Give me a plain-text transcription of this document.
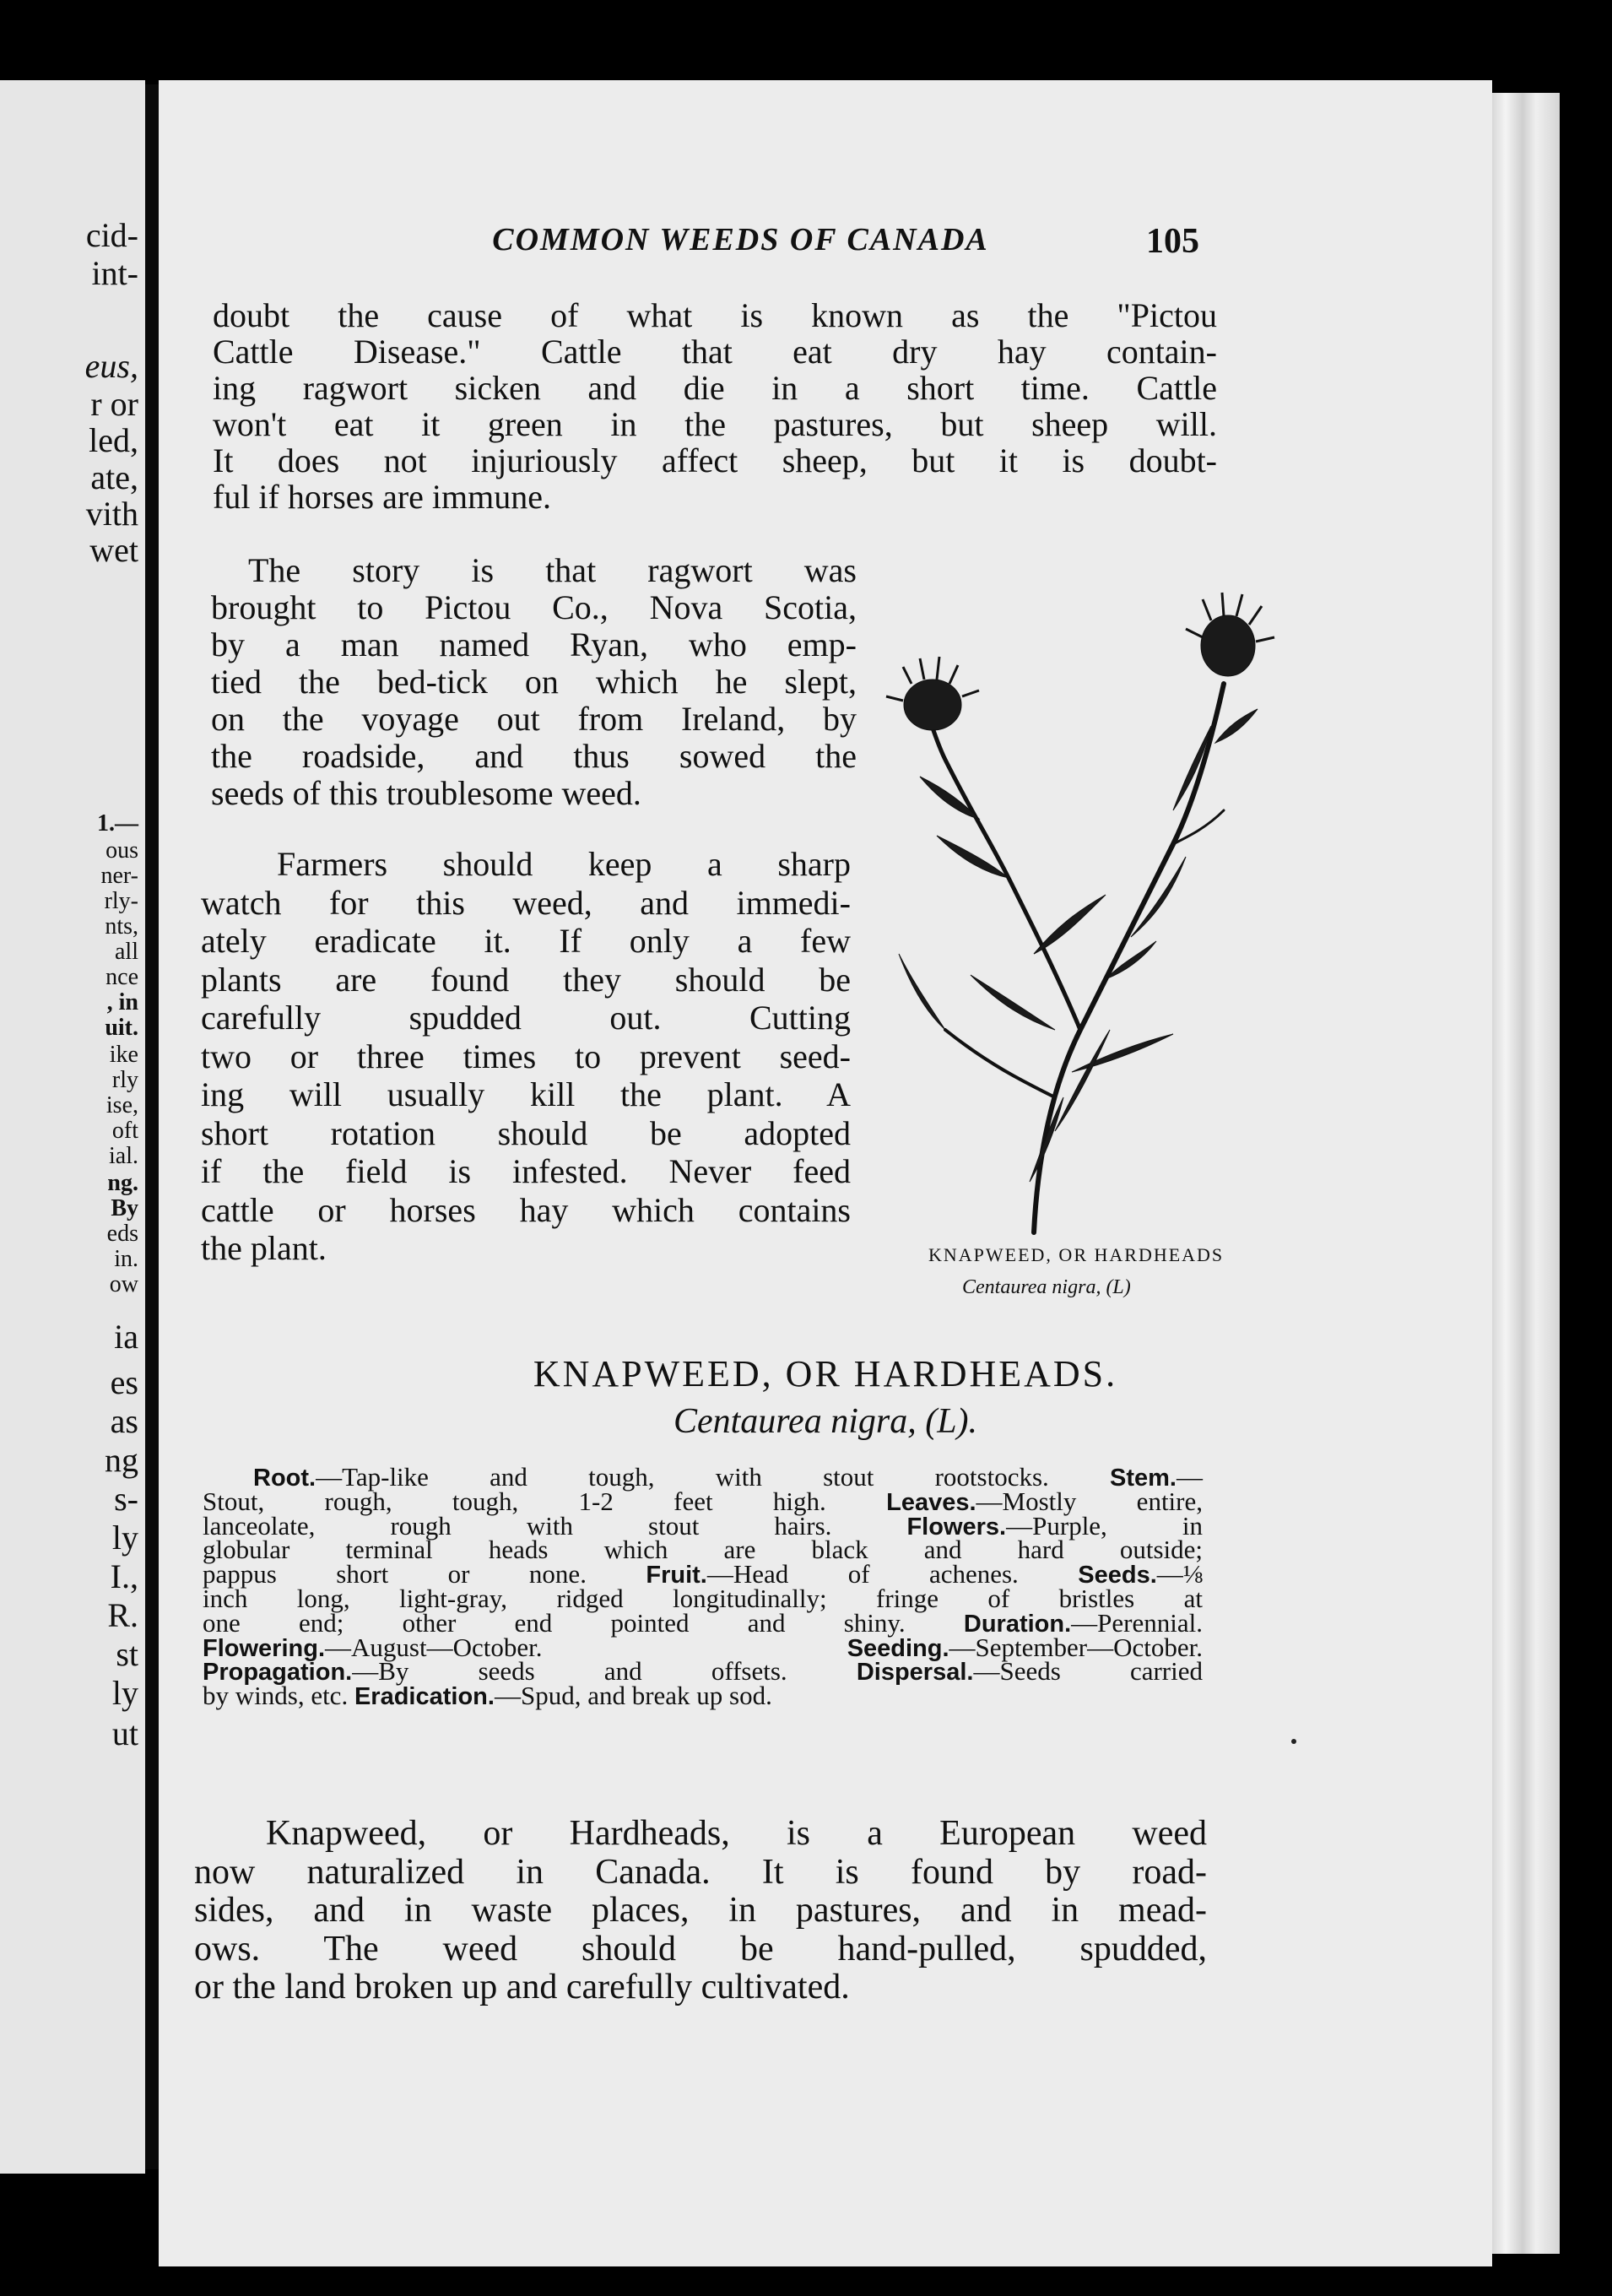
cid-
int-
eus,
r or
led,
ate,
vith
wet
1.—
ous
ner-
rly-
nts,
all
nce
, in
uit.
ike
rly
ise,
oft
ial.
ng.
By
eds
in.
ow
ia
es
as
ng
s-
ly
I.,
R.
st
ly
ut
COMMON WEEDS OF CANADA	105
doubt the cause of what is known as the "Pictou
Cattle Disease." Cattle that eat dry hay contain-
ing ragwort sicken and die in a short time. Cattle
won't eat it green in the pastures, but sheep will.
It does not injuriously affect sheep, but it is doubt-
ful if horses are immune.
The story is that ragwort was
brought to Pictou Co., Nova Scotia,
by a man named Ryan, who emp-
tied the bed-tick on which he slept,
on the voyage out from Ireland, by
the roadside, and thus sowed the
seeds of this troublesome weed.
Farmers should keep a sharp
watch for this weed, and immedi-
ately eradicate it. If only a few
plants are found they should be
carefully spudded out. Cutting
two or three times to prevent seed-
ing will usually kill the plant. A
short rotation should be adopted
if the field is infested. Never feed
cattle or horses hay which contains
the plant.	KNAPWEED, OR HARDHEADS
Centaurea nigra, (L)
KNAPWEED, OR HARDHEADS.
Centaurea nigra, (L).
Root.—Tap-like and tough, with stout rootstocks. Stem.—
Stout, rough, tough, 1-2 feet high. Leaves.—Mostly entire,
lanceolate, rough with stout hairs. Flowers.—Purple, in
globular terminal heads which are black and hard outside;
pappus short or none. Fruit.—Head of achenes. Seeds.—⅛
inch long, light-gray, ridged longitudinally; fringe of bristles at
one end; other end pointed and shiny. Duration.—Perennial.
Flowering.—August—October. Seeding.—September—October.
Propagation.—By seeds and offsets. Dispersal.—Seeds carried
by winds, etc. Eradication.—Spud, and break up sod.
Knapweed, or Hardheads, is a European weed
now naturalized in Canada. It is found by road-
sides, and in waste places, in pastures, and in mead-
ows. The weed should be hand-pulled, spudded,
or the land broken up and carefully cultivated.
